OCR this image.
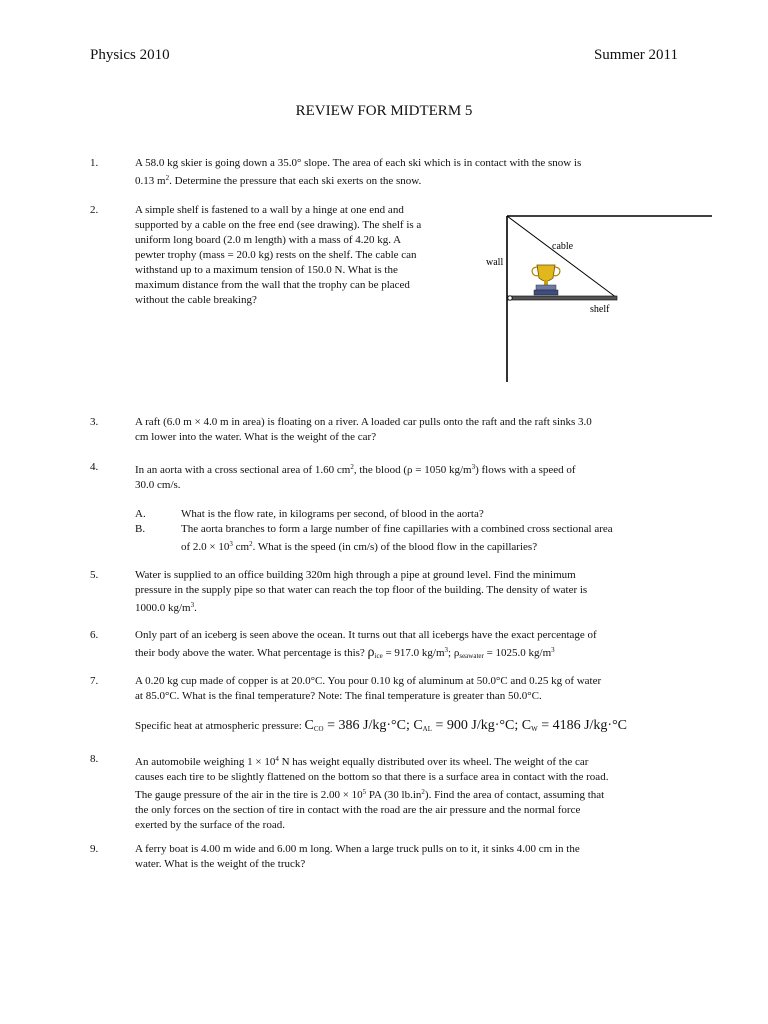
Physics 2010	Summer 2011
REVIEW FOR MIDTERM 5
1.	A 58.0 kg skier is going down a 35.0° slope. The area of each ski which is in contact with the snow is
0.13 $m^2$. Determine the pressure that each ski exerts on the snow.
2.	A simple shelf is fastened to a wall by a hinge at one end and
supported by a cable on the free end (see drawing). The shelf is a
uniform long board (2.0 m length) with a mass of 4.20 kg. A
pewter trophy (mass = 20.0 kg) rests on the shelf. The cable can
withstand up to a maximum tension of 150.0 N. What is the
maximum distance from the wall that the trophy can be placed
without the cable breaking?
wall
cable
shelf
3.	A raft (6.0 m × 4.0 m in area) is floating on a river. A loaded car pulls onto the raft and the raft sinks 3.0
cm lower into the water. What is the weight of the car?
4.	In an aorta with a cross sectional area of 1.60 $cm^2$, the blood (ρ = 1050 $kg/m^3$) flows with a speed of
30.0 cm/s.
A.	What is the flow rate, in kilograms per second, of blood in the aorta?
B.	The aorta branches to form a large number of fine capillaries with a combined cross sectional area
of $2.0 \times 10^3$ $cm^2$. What is the speed (in cm/s) of the blood flow in the capillaries?
5.	Water is supplied to an office building 320m high through a pipe at ground level. Find the minimum
pressure in the supply pipe so that water can reach the top floor of the building. The density of water is
1000.0 $kg/m^3$.
6.	Only part of an iceberg is seen above the ocean. It turns out that all icebergs have the exact percentage of
their body above the water. What percentage is this? $\rho_{ice} = 917.0$ $kg/m^3$; $\rho_{seawater} = 1025.0$ $kg/m^3$
7.	A 0.20 kg cup made of copper is at 20.0°C. You pour 0.10 kg of aluminum at 50.0°C and 0.25 kg of water
at 85.0°C. What is the final temperature? Note: The final temperature is greater than 50.0°C.
Specific heat at atmospheric pressure: $C_{CO} = 386$ J/kg·°C; $C_{AL} = 900$ J/kg·°C; $C_W = 4186$ J/kg·°C
8.	An automobile weighing $1 \times 10^4$ N has weight equally distributed over its wheel. The weight of the car
causes each tire to be slightly flattened on the bottom so that there is a surface area in contact with the road.
The gauge pressure of the air in the tire is $2.00 \times 10^5$ PA (30 $lb.in^2$). Find the area of contact, assuming that
the only forces on the section of tire in contact with the road are the air pressure and the normal force
exerted by the surface of the road.
9.	A ferry boat is 4.00 m wide and 6.00 m long. When a large truck pulls on to it, it sinks 4.00 cm in the
water. What is the weight of the truck?
